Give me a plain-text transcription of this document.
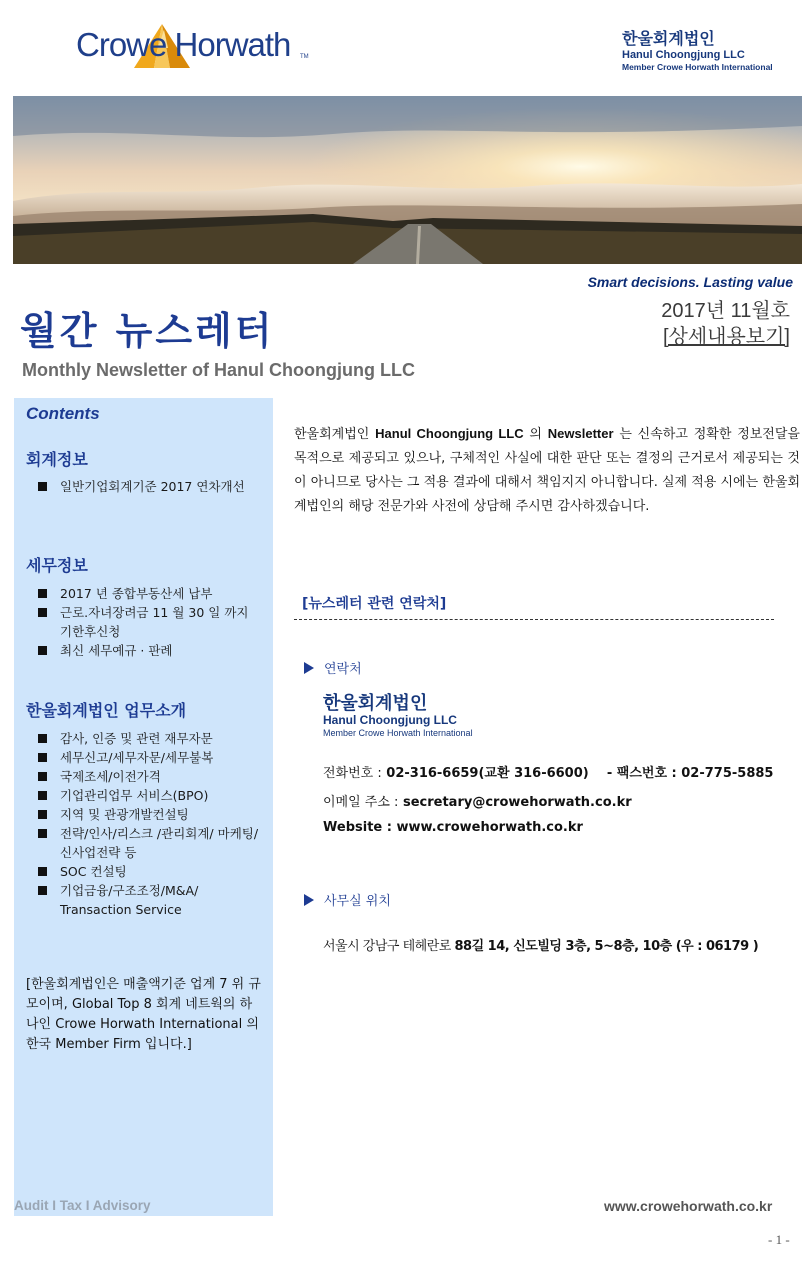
Crowe Horwath TM
한울회계법인
Hanul Choongjung LLC
Member Crowe Horwath International
Smart decisions. Lasting value
월간 뉴스레터	2017년 11월호
[상세내용보기]
Monthly Newsletter of Hanul Choongjung LLC
Contents
회계정보
일반기업회계기준 2017 연차개선
세무정보
2017 년 종합부동산세 납부
근로.자녀장려금 11 월 30 일 까지 기한후신청
최신 세무예규 · 판례
한울회계법인 업무소개
감사, 인증 및 관련 재무자문
세무신고/세무자문/세무불복
국제조세/이전가격
기업관리업무 서비스(BPO)
지역 및 관광개발컨설팅
전략/인사/리스크 /관리회계/ 마케팅/신사업전략 등
SOC 컨설팅
기업금융/구조조정/M&A/ Transaction Service
[한울회계법인은 매출액기준 업계 7 위 규모이며, Global Top 8 회계 네트웍의 하나인 Crowe Horwath International 의 한국 Member Firm 입니다.]
Audit I Tax I Advisory
한울회계법인 Hanul Choongjung LLC 의 Newsletter 는 신속하고 정확한 정보전달을 목적으로 제공되고 있으나, 구체적인 사실에 대한 판단 또는 결정의 근거로서 제공되는 것이 아니므로 당사는 그 적용 결과에 대해서 책임지지 아니합니다. 실제 적용 시에는 한울회계법인의 해당 전문가와 사전에 상담해 주시면 감사하겠습니다.
[뉴스레터 관련 연락처]
연락처
한울회계법인
Hanul Choongjung LLC
Member Crowe Horwath International
전화번호 : 02-316-6659(교환 316-6600) - 팩스번호 : 02-775-5885
이메일 주소 : secretary@crowehorwath.co.kr
Website : www.crowehorwath.co.kr
사무실 위치
서울시 강남구 테헤란로 88길 14, 신도빌딩 3층, 5~8층, 10층 (우 : 06179 )
www.crowehorwath.co.kr
- 1 -
